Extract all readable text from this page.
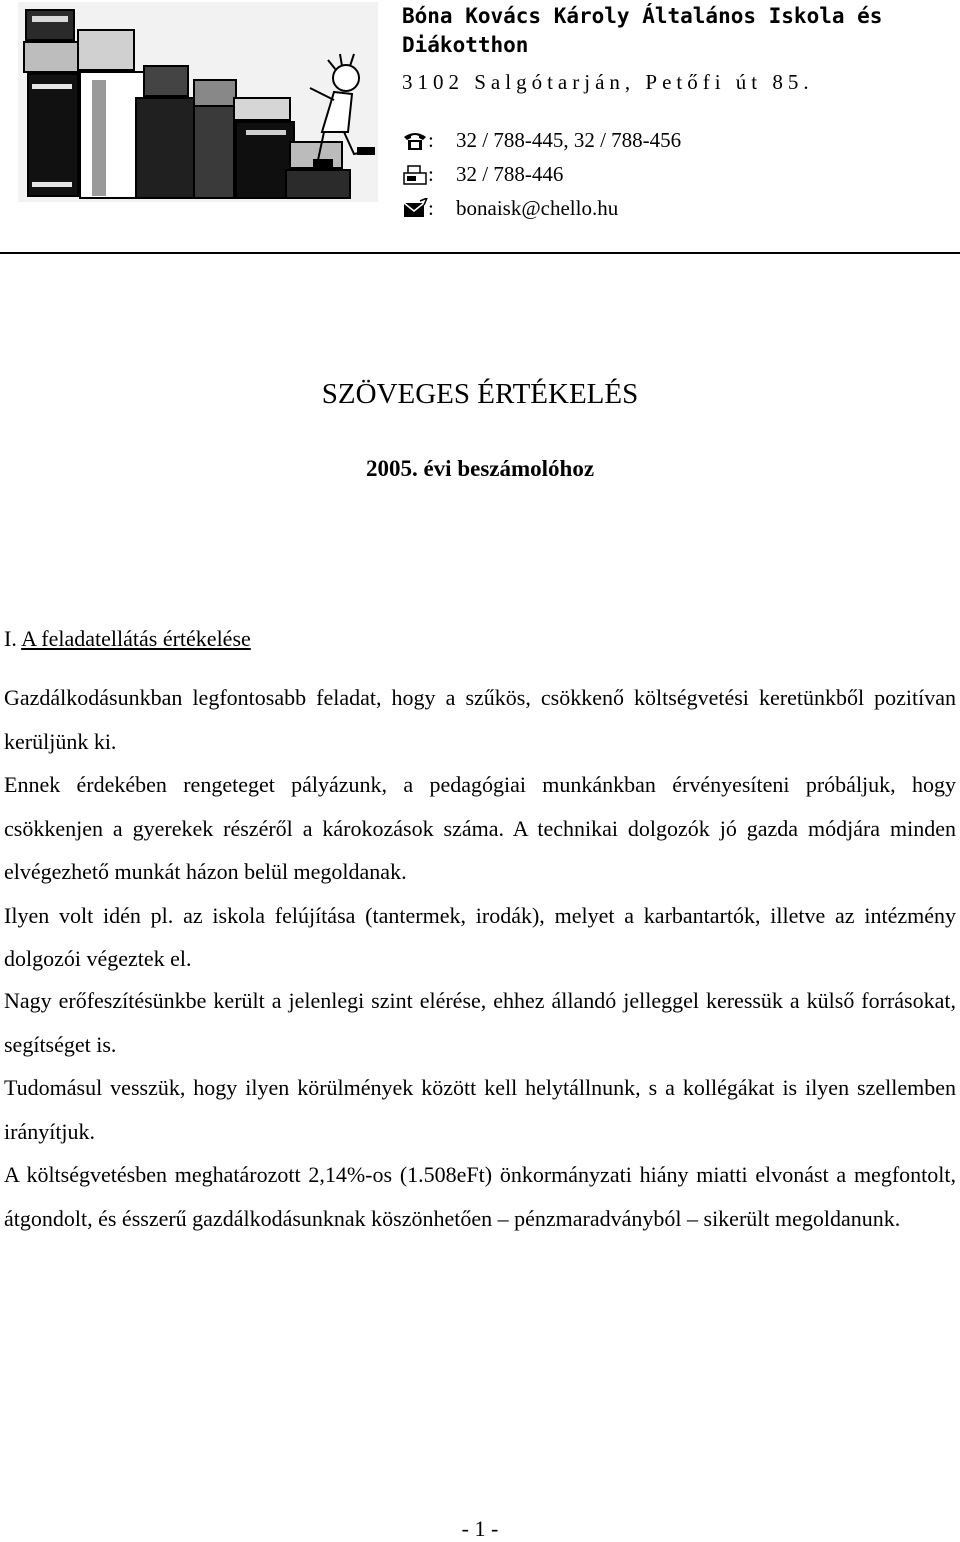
Bóna Kovács Károly Általános Iskola és Diákotthon
3102 Salgótarján, Petőfi út 85.
:	32 / 788-445, 32 / 788-456
:	32 / 788-446
:	bonaisk@chello.hu
SZÖVEGES ÉRTÉKELÉS
2005. évi beszámolóhoz
I. A feladatellátás értékelése
Gazdálkodásunkban legfontosabb feladat, hogy a szűkös, csökkenő költségvetési keretünkből pozitívan kerüljünk ki.
Ennek érdekében rengeteget pályázunk, a pedagógiai munkánkban érvényesíteni próbáljuk, hogy csökkenjen a gyerekek részéről a károkozások száma. A technikai dolgozók jó gazda módjára minden elvégezhető munkát házon belül megoldanak.
Ilyen volt idén pl. az iskola felújítása (tantermek, irodák), melyet a karbantartók, illetve az intézmény dolgozói végeztek el.
Nagy erőfeszítésünkbe került a jelenlegi szint elérése, ehhez állandó jelleggel keressük a külső forrásokat, segítséget is.
Tudomásul vesszük, hogy ilyen körülmények között kell helytállnunk, s a kollégákat is ilyen szellemben irányítjuk.
A költségvetésben meghatározott 2,14%-os (1.508eFt) önkormányzati hiány miatti elvonást a megfontolt, átgondolt, és ésszerű gazdálkodásunknak köszönhetően – pénzmaradványból – sikerült megoldanunk.
- 1 -
